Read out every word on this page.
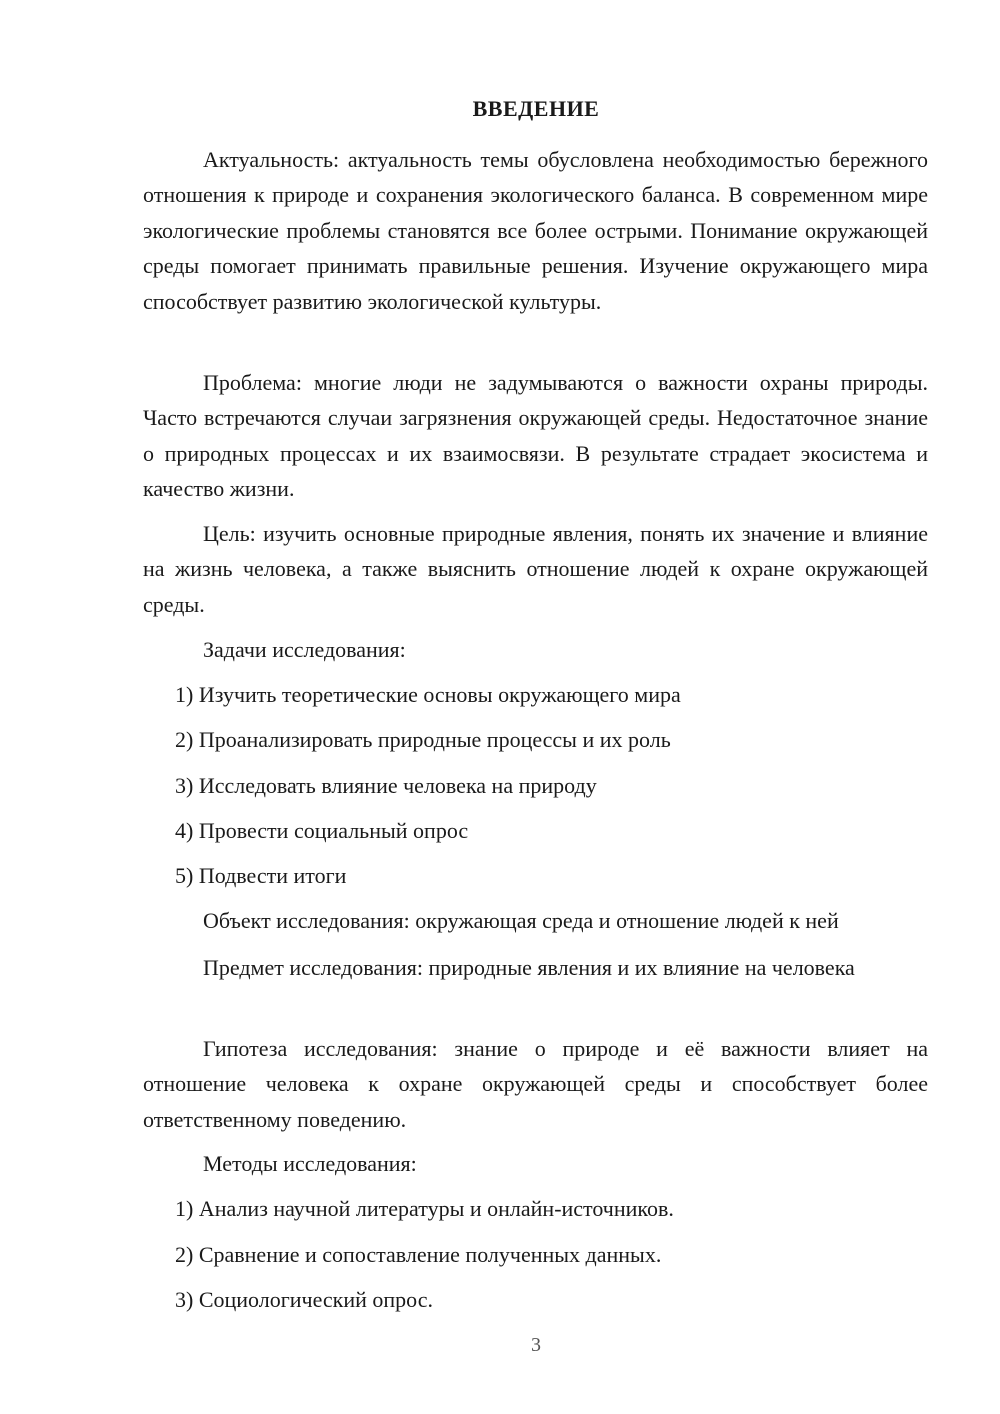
ВВЕДЕНИЕ

Актуальность: актуальность темы обусловлена необходимостью бережного отношения к природе и сохранения экологического баланса. В современном мире экологические проблемы становятся все более острыми. Понимание окружающей среды помогает принимать правильные решения. Изучение окружающего мира способствует развитию экологической культуры.

Проблема: многие люди не задумываются о важности охраны природы. Часто встречаются случаи загрязнения окружающей среды. Недостаточное знание о природных процессах и их взаимосвязи. В результате страдает экосистема и качество жизни.

Цель: изучить основные природные явления, понять их значение и влияние на жизнь человека, а также выяснить отношение людей к охране окружающей среды.

Задачи исследования:

1) Изучить теоретические основы окружающего мира

2) Проанализировать природные процессы и их роль

3) Исследовать влияние человека на природу

4) Провести социальный опрос

5) Подвести итоги

Объект исследования: окружающая среда и отношение людей к ней

Предмет исследования: природные явления и их влияние на человека

Гипотеза исследования: знание о природе и её важности влияет на отношение человека к охране окружающей среды и способствует более ответственному поведению.

Методы исследования:

1) Анализ научной литературы и онлайн-источников.

2) Сравнение и сопоставление полученных данных.

3) Социологический опрос.

3
